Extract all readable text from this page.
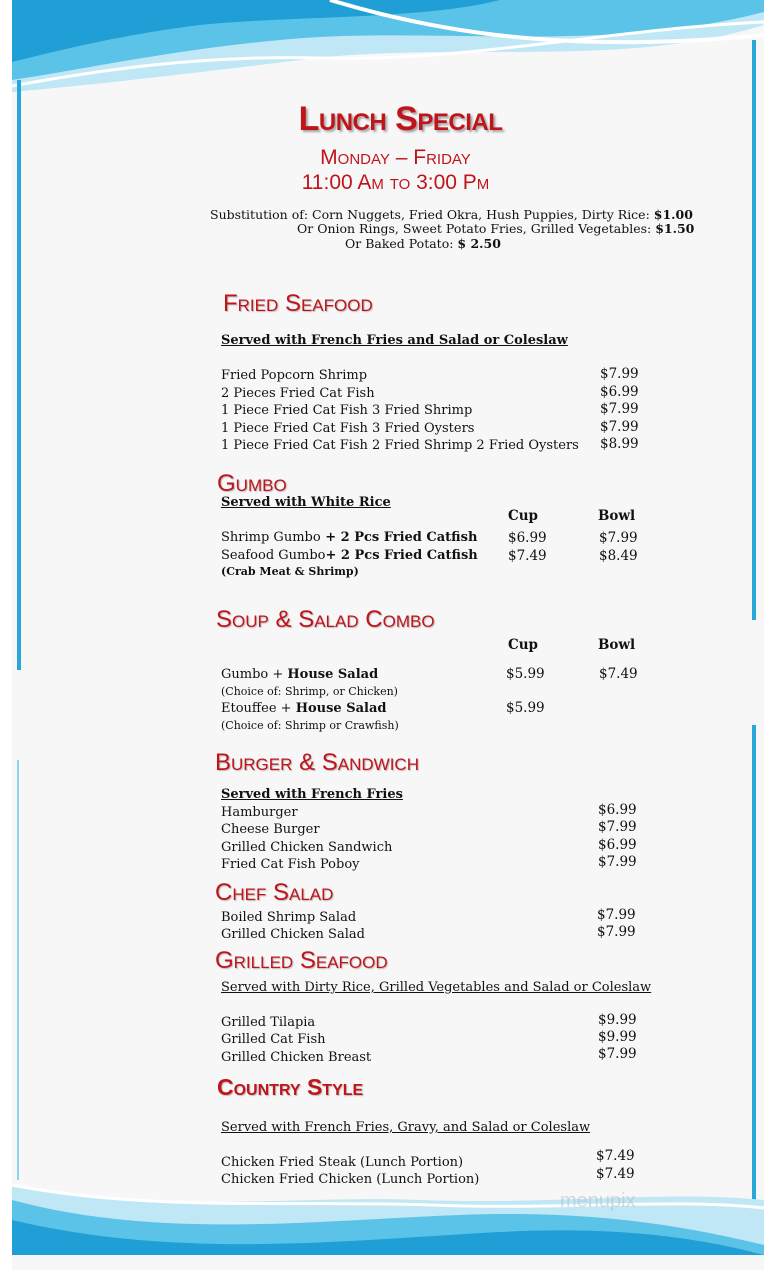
Lunch Special
Monday – Friday
11:00 Am to 3:00 Pm
Substitution of: Corn Nuggets, Fried Okra, Hush Puppies, Dirty Rice: $1.00
Or Onion Rings, Sweet Potato Fries, Grilled Vegetables: $1.50
Or Baked Potato: $ 2.50
Fried Seafood
Served with French Fries and Salad or Coleslaw
Fried Popcorn Shrimp	$7.99
2 Pieces Fried Cat Fish	$6.99
1 Piece Fried Cat Fish 3 Fried Shrimp	$7.99
1 Piece Fried Cat Fish 3 Fried Oysters	$7.99
1 Piece Fried Cat Fish 2 Fried Shrimp 2 Fried Oysters $8.99
Gumbo
Served with White Rice
Cup	Bowl
Shrimp Gumbo + 2 Pcs Fried Catfish $6.99	$7.99
Seafood Gumbo+ 2 Pcs Fried Catfish $7.49	$8.49
(Crab Meat & Shrimp)
Soup & Salad Combo
Cup	Bowl
Gumbo + House Salad	$5.99	$7.49
(Choice of: Shrimp, or Chicken)
Etouffee + House Salad	$5.99
(Choice of: Shrimp or Crawfish)
Burger & Sandwich
Served with French Fries
Hamburger	$6.99
Cheese Burger	$7.99
Grilled Chicken Sandwich	$6.99
Fried Cat Fish Poboy	$7.99
Chef Salad
Boiled Shrimp Salad	$7.99
Grilled Chicken Salad	$7.99
Grilled Seafood
Served with Dirty Rice, Grilled Vegetables and Salad or Coleslaw
Grilled Tilapia	$9.99
Grilled Cat Fish	$9.99
Grilled Chicken Breast	$7.99
Country Style
Served with French Fries, Gravy, and Salad or Coleslaw
Chicken Fried Steak (Lunch Portion)	$7.49
Chicken Fried Chicken (Lunch Portion)	$7.49
menupix
